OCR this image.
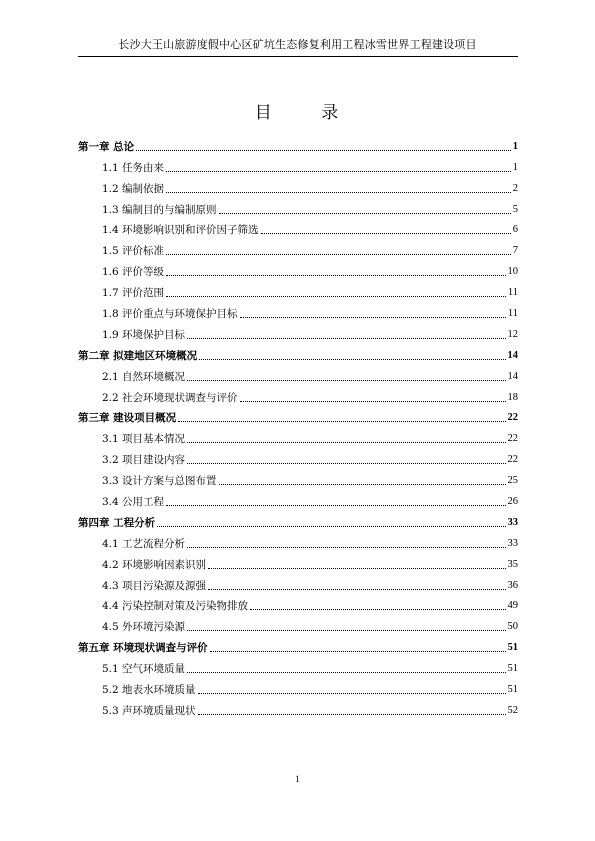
长沙大王山旅游度假中心区矿坑生态修复利用工程冰雪世界工程建设项目
目 录
第一章 总论	1
1.1 任务由来	1
1.2 编制依据	2
1.3 编制目的与编制原则	5
1.4 环境影响识别和评价因子筛选	6
1.5 评价标准	7
1.6 评价等级	10
1.7 评价范围	11
1.8 评价重点与环境保护目标	11
1.9 环境保护目标	12
第二章 拟建地区环境概况	14
2.1 自然环境概况	14
2.2 社会环境现状调查与评价	18
第三章 建设项目概况	22
3.1 项目基本情况	22
3.2 项目建设内容	22
3.3 设计方案与总图布置	25
3.4 公用工程	26
第四章 工程分析	33
4.1 工艺流程分析	33
4.2 环境影响因素识别	35
4.3 项目污染源及源强	36
4.4 污染控制对策及污染物排放	49
4.5 外环境污染源	50
第五章 环境现状调查与评价	51
5.1 空气环境质量	51
5.2 地表水环境质量	51
5.3 声环境质量现状	52
1
